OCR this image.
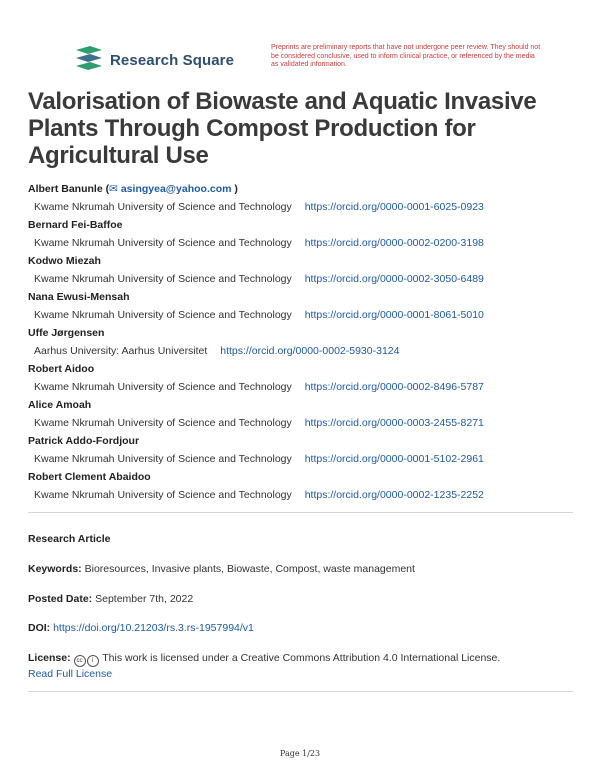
Research Square
Preprints are preliminary reports that have not undergone peer review. They should not be considered conclusive, used to inform clinical practice, or referenced by the media as validated information.
Valorisation of Biowaste and Aquatic Invasive Plants Through Compost Production for Agricultural Use
Albert Banunle (✉ asingyea@yahoo.com )
Kwame Nkrumah University of Science and Technology https://orcid.org/0000-0001-6025-0923
Bernard Fei-Baffoe
Kwame Nkrumah University of Science and Technology https://orcid.org/0000-0002-0200-3198
Kodwo Miezah
Kwame Nkrumah University of Science and Technology https://orcid.org/0000-0002-3050-6489
Nana Ewusi-Mensah
Kwame Nkrumah University of Science and Technology https://orcid.org/0000-0001-8061-5010
Uffe Jørgensen
Aarhus University: Aarhus Universitet https://orcid.org/0000-0002-5930-3124
Robert Aidoo
Kwame Nkrumah University of Science and Technology https://orcid.org/0000-0002-8496-5787
Alice Amoah
Kwame Nkrumah University of Science and Technology https://orcid.org/0000-0003-2455-8271
Patrick Addo-Fordjour
Kwame Nkrumah University of Science and Technology https://orcid.org/0000-0001-5102-2961
Robert Clement Abaidoo
Kwame Nkrumah University of Science and Technology https://orcid.org/0000-0002-1235-2252
Research Article
Keywords: Bioresources, Invasive plants, Biowaste, Compost, waste management
Posted Date: September 7th, 2022
DOI: https://doi.org/10.21203/rs.3.rs-1957994/v1
License: cc i This work is licensed under a Creative Commons Attribution 4.0 International License.
Read Full License
Page 1/23
